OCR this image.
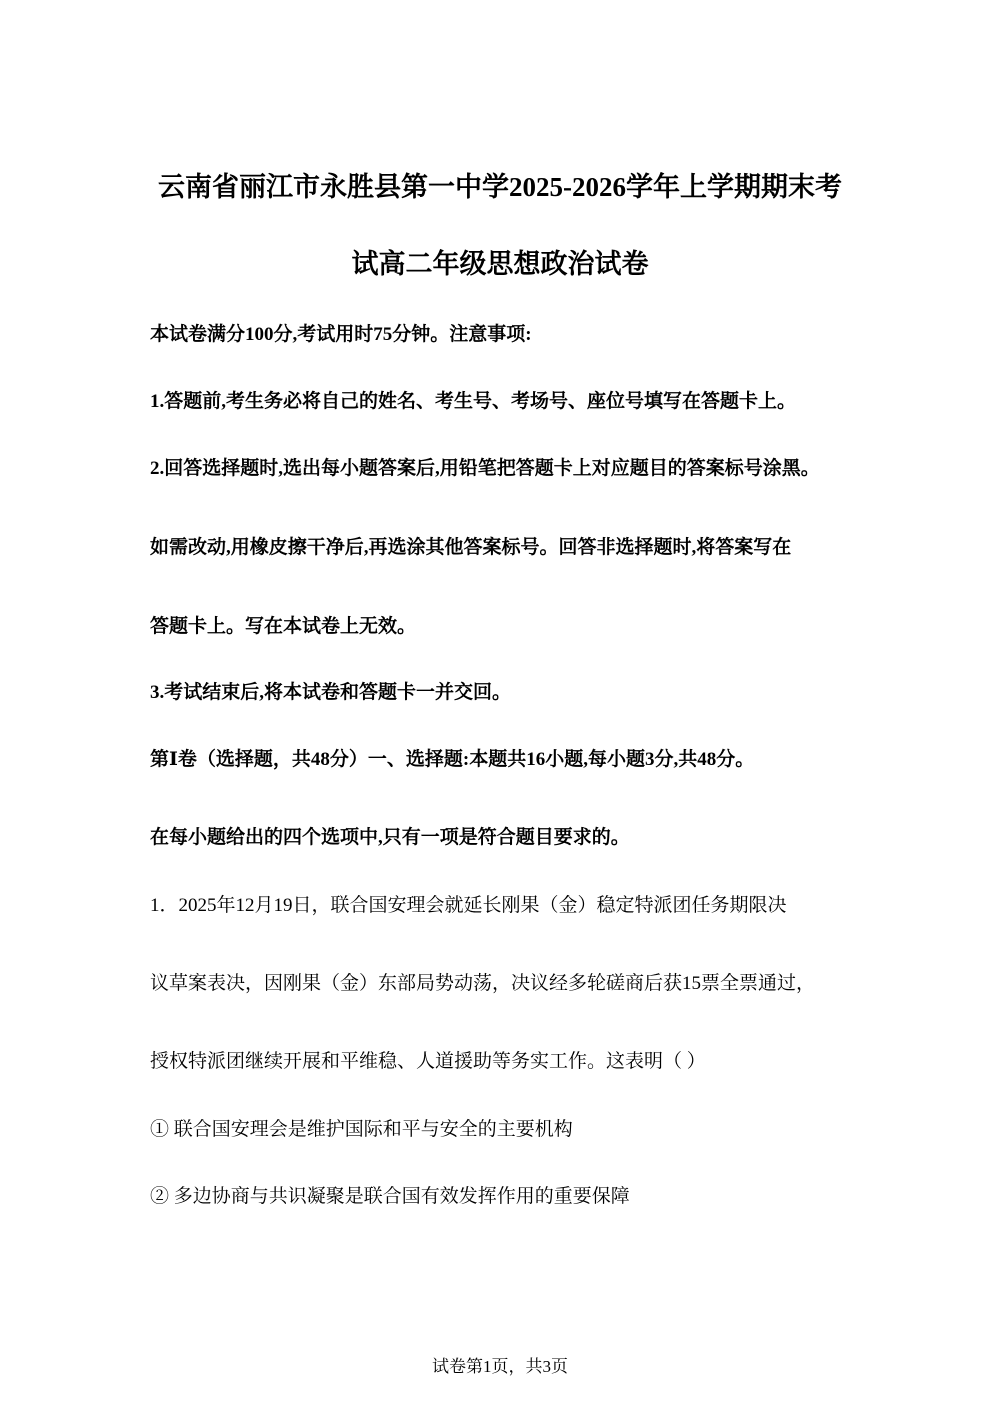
云南省丽江市永胜县第一中学2025-2026学年上学期期末考
试高二年级思想政治试卷
本试卷满分100分,考试用时75分钟。注意事项:
1.答题前,考生务必将自己的姓名、考生号、考场号、座位号填写在答题卡上。
2.回答选择题时,选出每小题答案后,用铅笔把答题卡上对应题目的答案标号涂黑。
如需改动,用橡皮擦干净后,再选涂其他答案标号。回答非选择题时,将答案写在
答题卡上。写在本试卷上无效。
3.考试结束后,将本试卷和答题卡一并交回。
第Ⅰ卷（选择题，共48分）一、选择题:本题共16小题,每小题3分,共48分。
在每小题给出的四个选项中,只有一项是符合题目要求的。
1．2025年12月19日，联合国安理会就延长刚果（金）稳定特派团任务期限决
议草案表决，因刚果（金）东部局势动荡，决议经多轮磋商后获15票全票通过，
授权特派团继续开展和平维稳、人道援助等务实工作。这表明（ ）
① 联合国安理会是维护国际和平与安全的主要机构
② 多边协商与共识凝聚是联合国有效发挥作用的重要保障
试卷第1页，共3页
